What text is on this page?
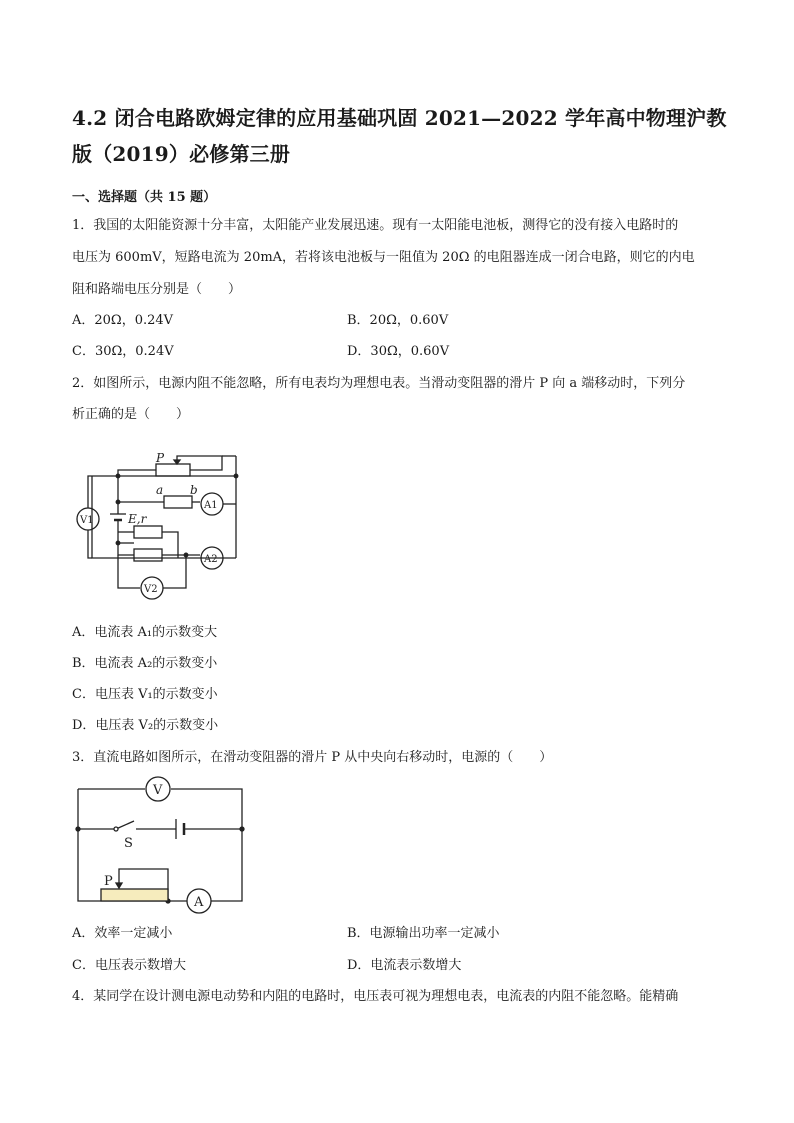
4.2 闭合电路欧姆定律的应用基础巩固 2021—2022 学年高中物理沪教
版（2019）必修第三册
一、选择题（共 15 题）
1．我国的太阳能资源十分丰富，太阳能产业发展迅速。现有一太阳能电池板，测得它的没有接入电路时的
电压为 600mV，短路电流为 20mA，若将该电池板与一阻值为 20Ω 的电阻器连成一闭合电路，则它的内电
阻和路端电压分别是（　　）
A．20Ω，0.24V	B．20Ω，0.60V
C．30Ω，0.24V	D．30Ω，0.60V
2．如图所示，电源内阻不能忽略，所有电表均为理想电表。当滑动变阻器的滑片 P 向 a 端移动时，下列分
析正确的是（　　）
P
a b
A1
V1	E,r
A2
V2
A．电流表 A₁的示数变大
B．电流表 A₂的示数变小
C．电压表 V₁的示数变小
D．电压表 V₂的示数变小
3．直流电路如图所示，在滑动变阻器的滑片 P 从中央向右移动时，电源的（　　）
V
S
P
A
A．效率一定减小	B．电源输出功率一定减小
C．电压表示数增大	D．电流表示数增大
4．某同学在设计测电源电动势和内阻的电路时，电压表可视为理想电表，电流表的内阻不能忽略。能精确
